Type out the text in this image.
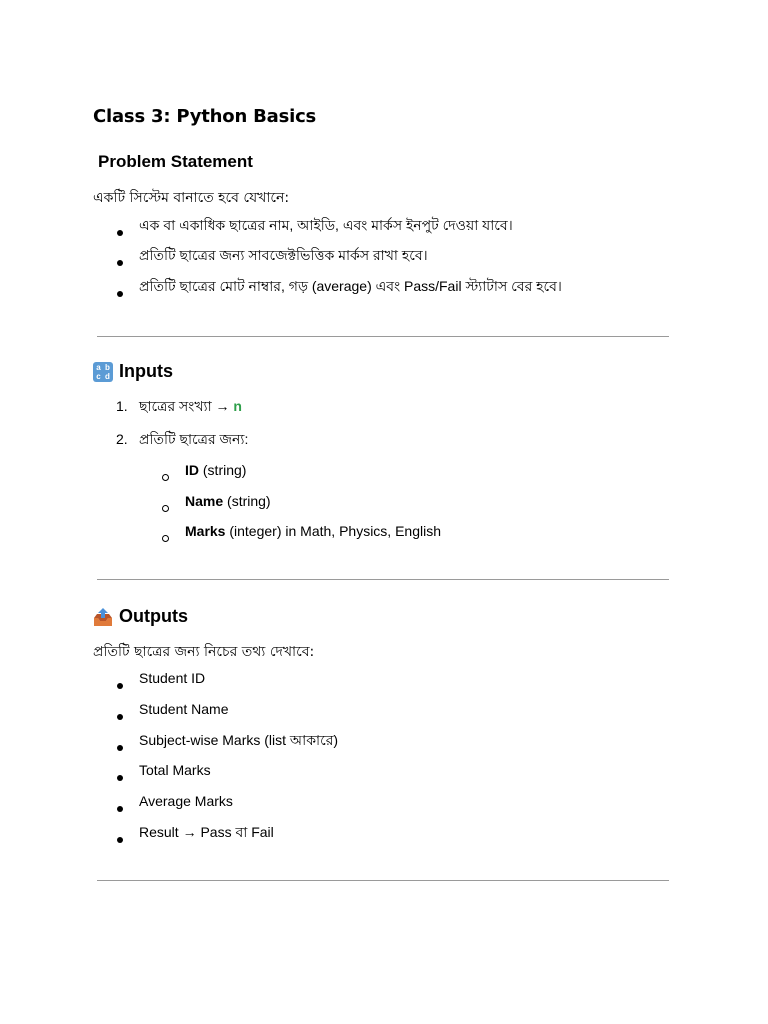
Class 3: Python Basics
Problem Statement

একটি সিস্টেম বানাতে হবে যেখানে:

এক বা একাধিক ছাত্রের নাম, আইডি, এবং মার্কস ইনপুট দেওয়া যাবে।
প্রতিটি ছাত্রের জন্য সাবজেক্টভিত্তিক মার্কস রাখা হবে।
প্রতিটি ছাত্রের মোট নাম্বার, গড় (average) এবং Pass/Fail স্ট্যাটাস বের হবে।
a b
c d Inputs
1. ছাত্রের সংখ্যা → n
2. প্রতিটি ছাত্রের জন্য:
ID (string)
Name (string)
Marks (integer) in Math, Physics, English
Outputs

প্রতিটি ছাত্রের জন্য নিচের তথ্য দেখাবে:

Student ID
Student Name
Subject-wise Marks (list আকারে)
Total Marks
Average Marks
Result → Pass বা Fail
